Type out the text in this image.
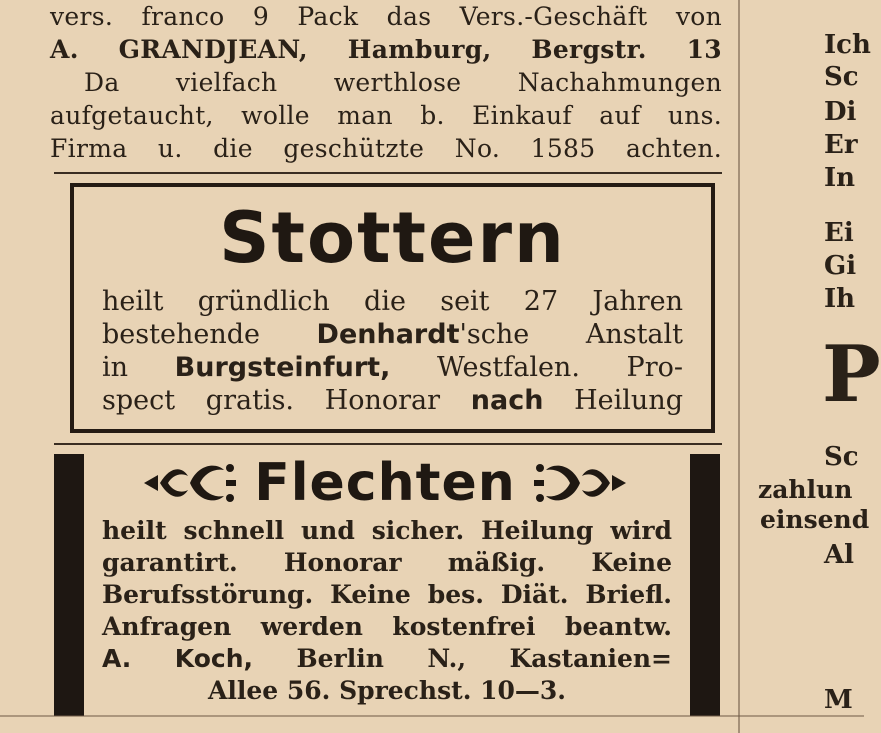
vers. franco 9 Pack das Vers.-Geschäft von
A. GRANDJEAN, Hamburg, Bergstr. 13
Da vielfach werthlose Nachahmungen
aufgetaucht, wolle man b. Einkauf auf uns.
Firma u. die geschützte No. 1585 achten.
Stottern
heilt gründlich die seit 27 Jahren
bestehende Denhardt'sche Anstalt
in Burgsteinfurt, Westfalen. Pro-
spect gratis. Honorar nach Heilung
Flechten
heilt schnell und sicher. Heilung wird
garantirt. Honorar mäßig. Keine
Berufsstörung. Keine bes. Diät. Briefl.
Anfragen werden kostenfrei beantw.
A. Koch, Berlin N., Kastanien=
Allee 56. Sprechst. 10—3.
Ich
Sc
Di
Er
In
Ei
Gi
Ih
P
Sc
zahlun
einsend
Al
M
